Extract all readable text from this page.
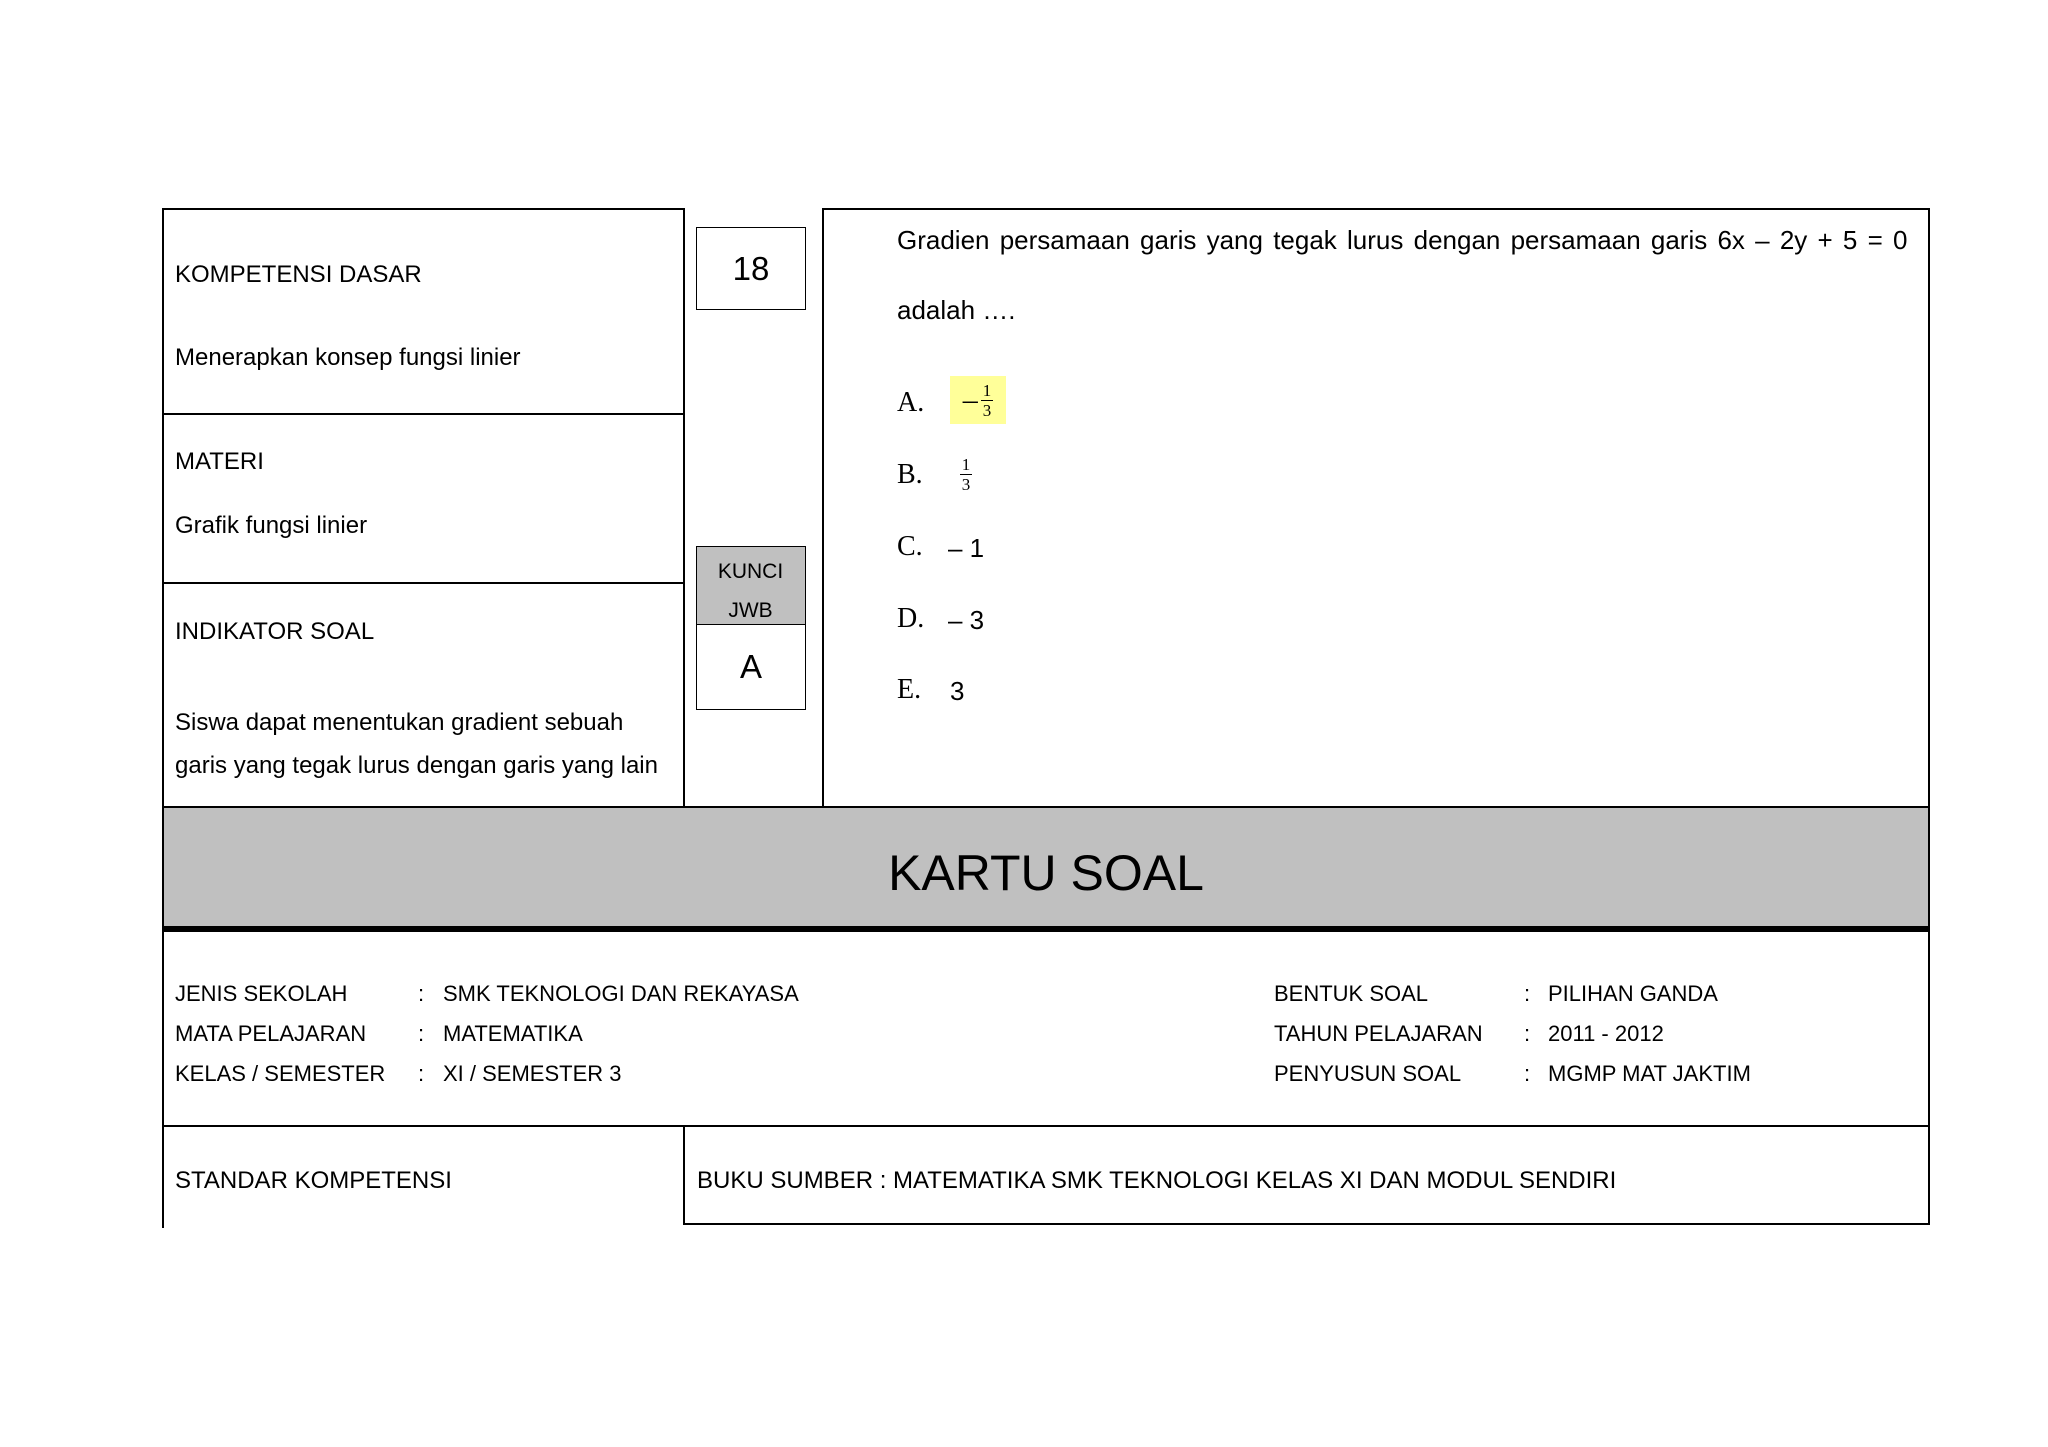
KOMPETENSI DASAR
Menerapkan konsep fungsi linier
MATERI
Grafik fungsi linier
INDIKATOR SOAL
Siswa dapat menentukan gradient sebuah
garis yang tegak lurus dengan garis yang lain
18
KUNCI
JWB
A
Gradien persamaan garis yang tegak lurus dengan persamaan garis 6x – 2y + 5 = 0
adalah ….
A. – $\frac{1}{3}$
B. $\frac{1}{3}$
C. – 1
D. – 3
E. 3
KARTU SOAL
JENIS SEKOLAH	: SMK TEKNOLOGI DAN REKAYASA
MATA PELAJARAN : MATEMATIKA
KELAS / SEMESTER : XI / SEMESTER 3
BENTUK SOAL	: PILIHAN GANDA
TAHUN PELAJARAN : 2011 - 2012
PENYUSUN SOAL	: MGMP MAT JAKTIM
STANDAR KOMPETENSI	BUKU SUMBER : MATEMATIKA SMK TEKNOLOGI KELAS XI DAN MODUL SENDIRI
